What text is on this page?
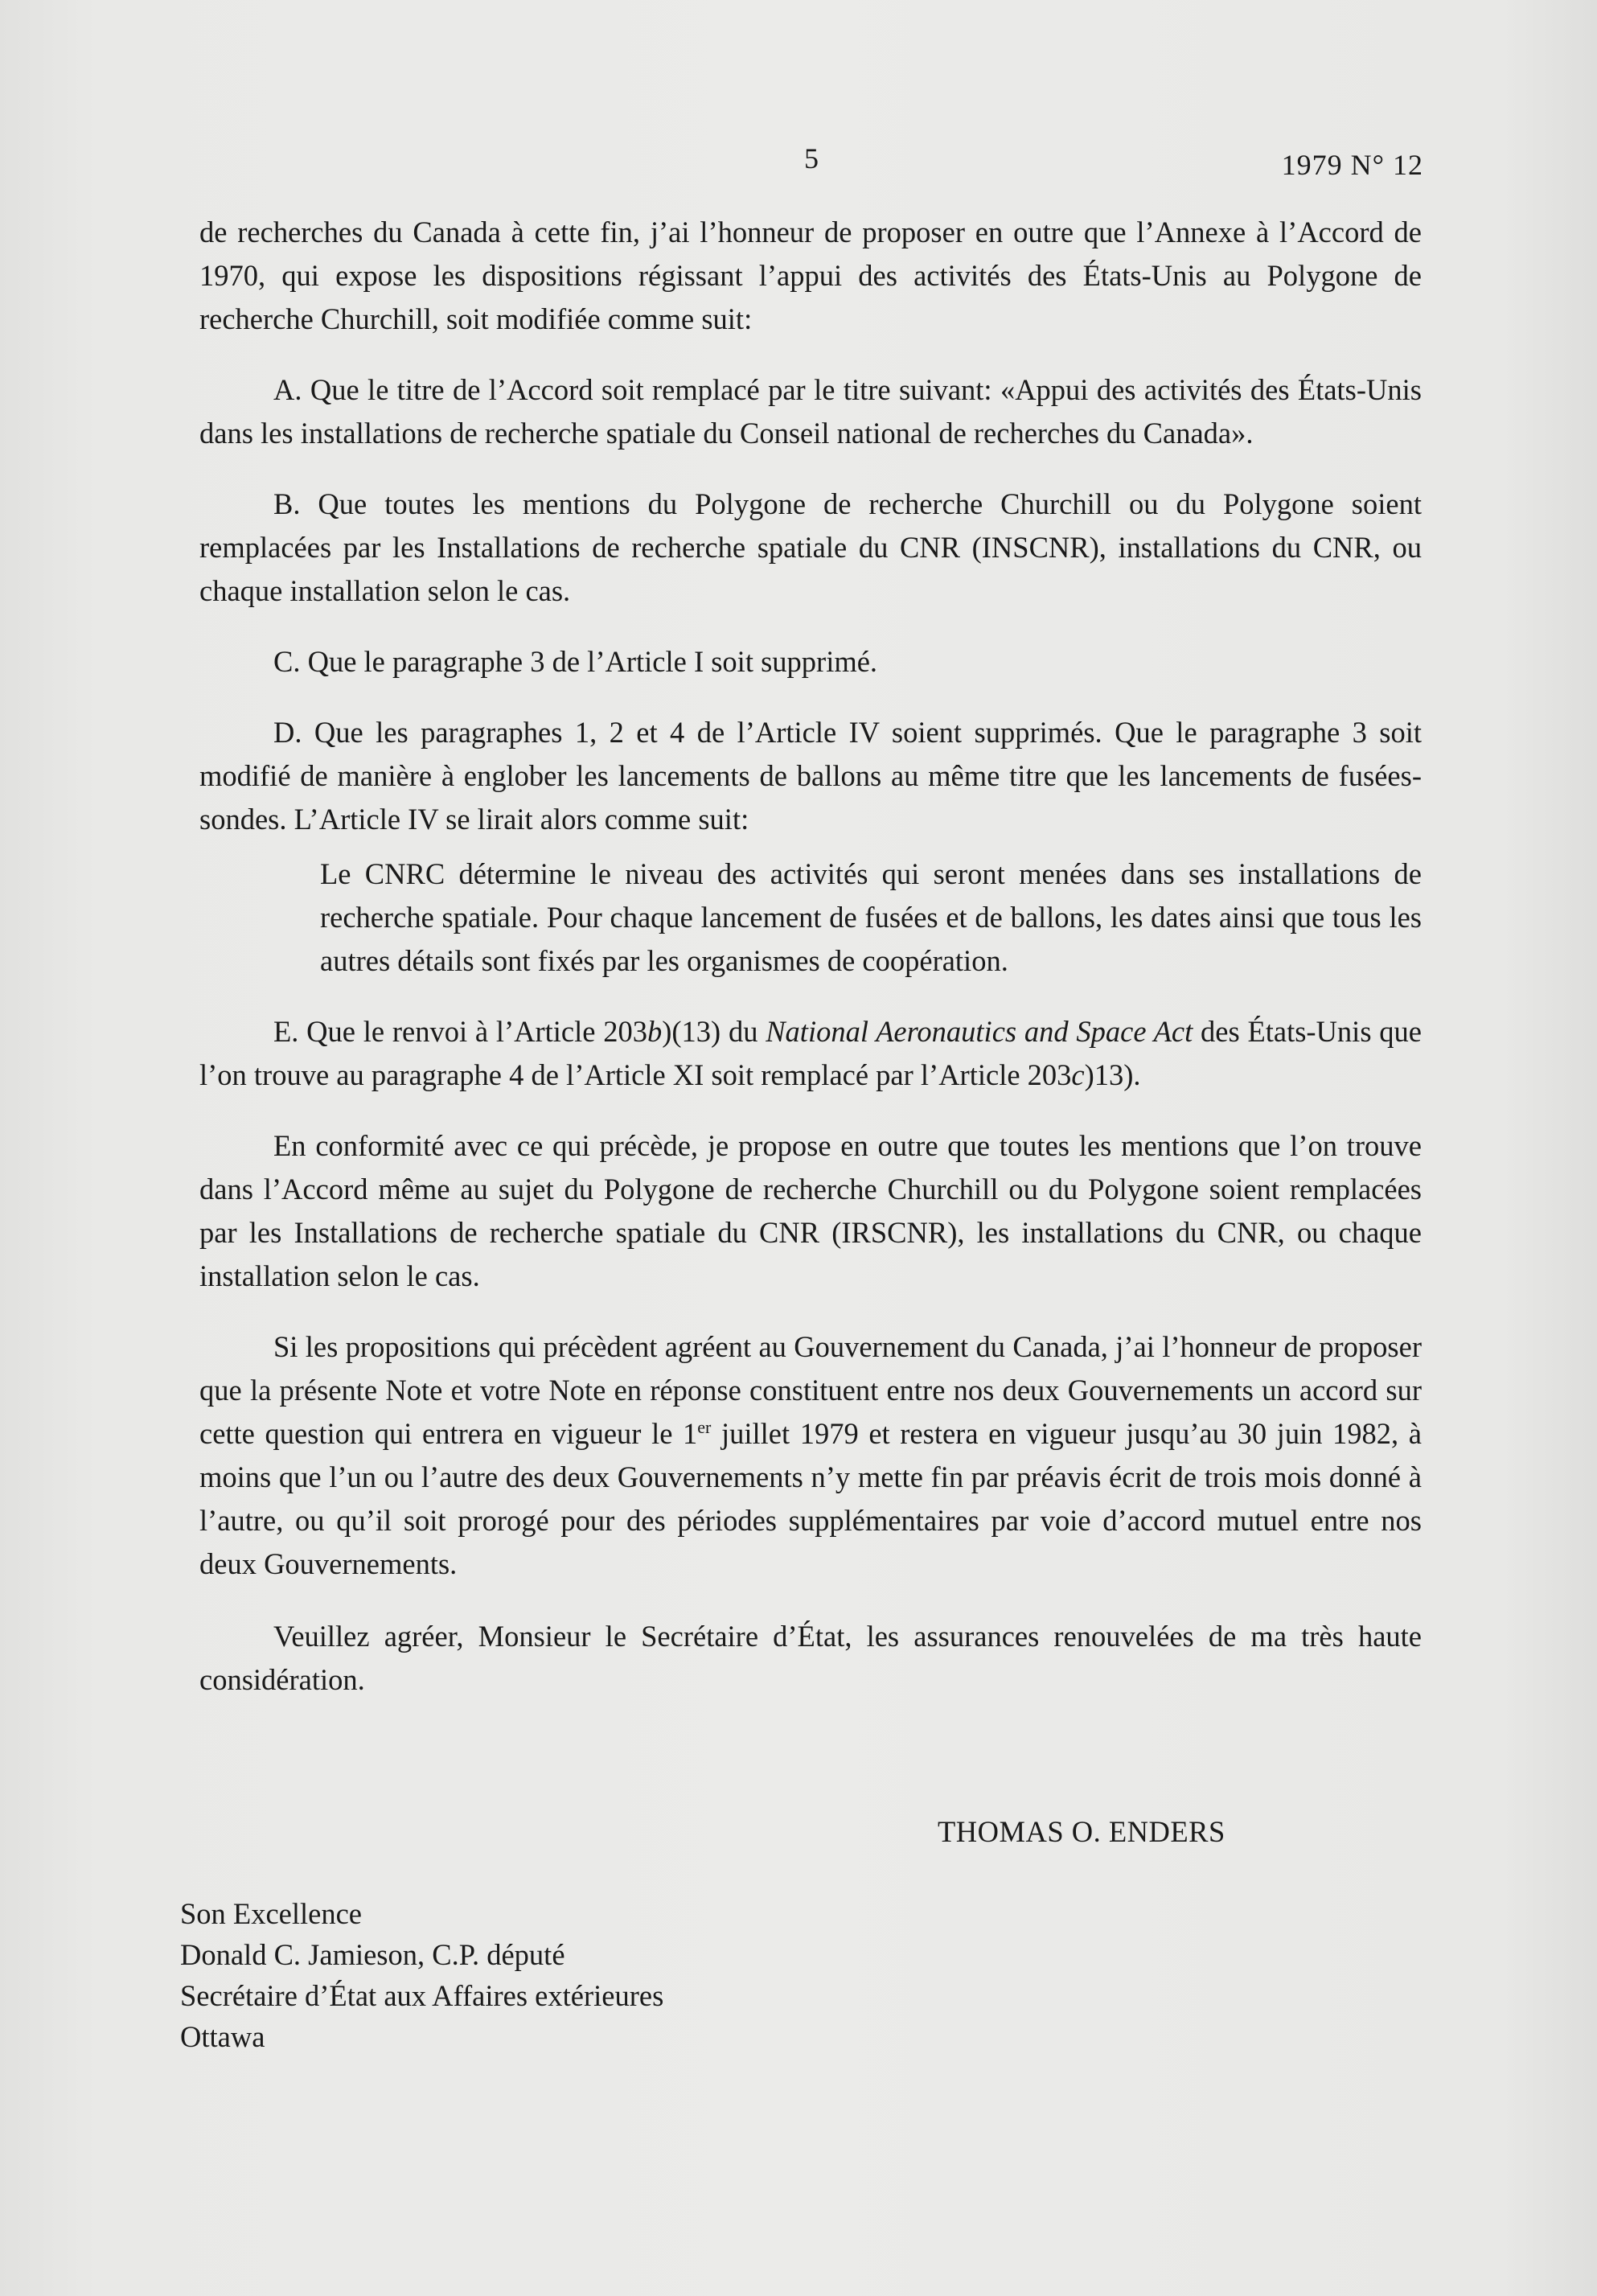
5	1979 N° 12

de recherches du Canada à cette fin, j’ai l’honneur de proposer en outre que l’Annexe à l’Accord de 1970, qui expose les dispositions régissant l’appui des activités des États-Unis au Polygone de recherche Churchill, soit modifiée comme suit:

A. Que le titre de l’Accord soit remplacé par le titre suivant: «Appui des activités des États-Unis dans les installations de recherche spatiale du Conseil national de recherches du Canada».

B. Que toutes les mentions du Polygone de recherche Churchill ou du Polygone soient remplacées par les Installations de recherche spatiale du CNR (INSCNR), installations du CNR, ou chaque installation selon le cas.

C. Que le paragraphe 3 de l’Article I soit supprimé.

D. Que les paragraphes 1, 2 et 4 de l’Article IV soient supprimés. Que le paragraphe 3 soit modifié de manière à englober les lancements de ballons au même titre que les lancements de fusées-sondes. L’Article IV se lirait alors comme suit:

Le CNRC détermine le niveau des activités qui seront menées dans ses installations de recherche spatiale. Pour chaque lancement de fusées et de ballons, les dates ainsi que tous les autres détails sont fixés par les organismes de coopération.

E. Que le renvoi à l’Article 203b)(13) du National Aeronautics and Space Act des États-Unis que l’on trouve au paragraphe 4 de l’Article XI soit remplacé par l’Article 203c)13).

En conformité avec ce qui précède, je propose en outre que toutes les mentions que l’on trouve dans l’Accord même au sujet du Polygone de recherche Churchill ou du Polygone soient remplacées par les Installations de recherche spatiale du CNR (IRSCNR), les installations du CNR, ou chaque installation selon le cas.

Si les propositions qui précèdent agréent au Gouvernement du Canada, j’ai l’honneur de proposer que la présente Note et votre Note en réponse constituent entre nos deux Gouvernements un accord sur cette question qui entrera en vigueur le 1er juillet 1979 et restera en vigueur jusqu’au 30 juin 1982, à moins que l’un ou l’autre des deux Gouvernements n’y mette fin par préavis écrit de trois mois donné à l’autre, ou qu’il soit prorogé pour des périodes supplémentaires par voie d’accord mutuel entre nos deux Gouvernements.

Veuillez agréer, Monsieur le Secrétaire d’État, les assurances renouvelées de ma très haute considération.

THOMAS O. ENDERS
Son Excellence
Donald C. Jamieson, C.P. député
Secrétaire d’État aux Affaires extérieures
Ottawa
